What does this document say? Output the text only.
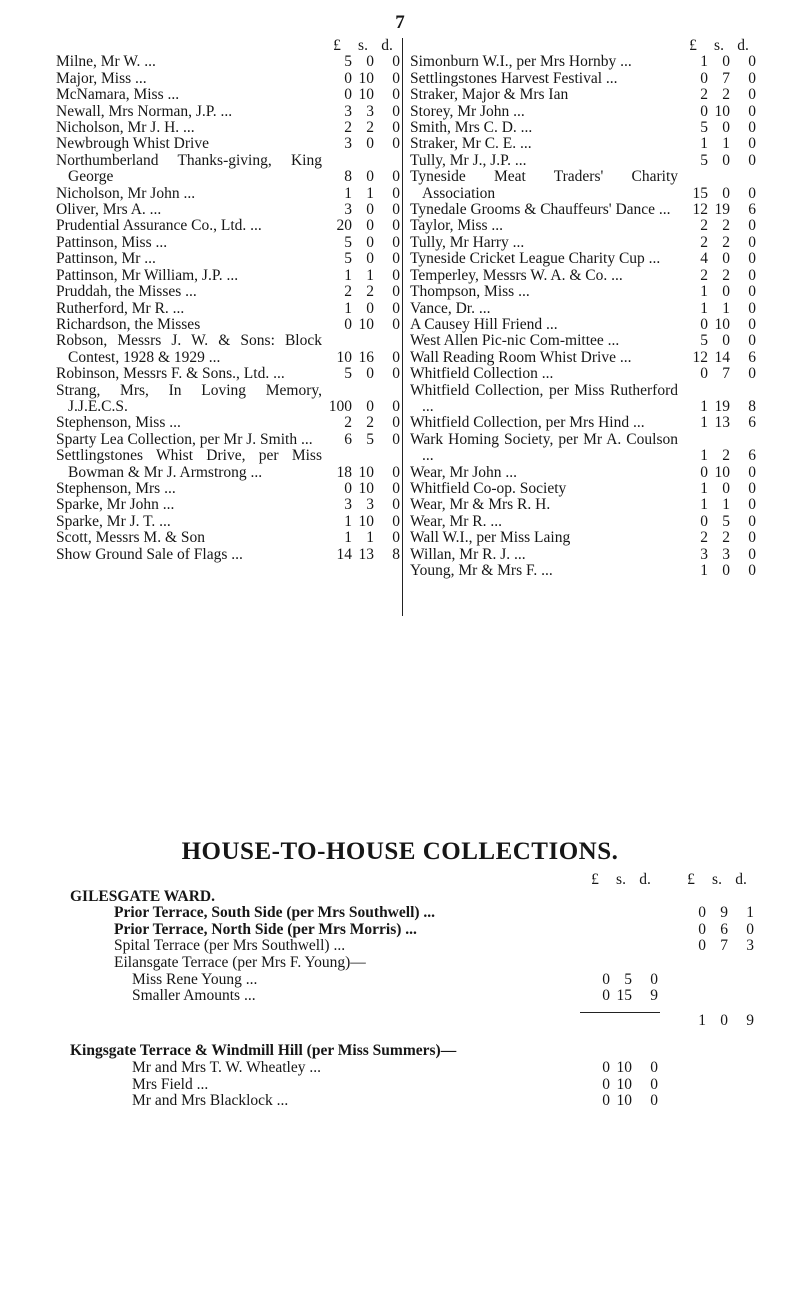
7
£	s. d.
Milne, Mr W. ...	5 0	0
Major, Miss ...	0 10	0
McNamara, Miss ...	0 10	0
Newall, Mrs Norman, J.P. ...	3 3	0
Nicholson, Mr J. H. ...	2 2	0
Newbrough Whist Drive	3 0	0
Northumberland Thanks-giving, King George	8 0	0
Nicholson, Mr John ...	1 1	0
Oliver, Mrs A. ...	3 0	0
Prudential Assurance Co., Ltd. ...	20 0	0
Pattinson, Miss ...	5 0	0
Pattinson, Mr ...	5 0	0
Pattinson, Mr William, J.P. ...	1 1	0
Pruddah, the Misses ...	2 2	0
Rutherford, Mr R. ...	1 0	0
Richardson, the Misses	0 10	0
Robson, Messrs J. W. & Sons: Block Contest, 1928 & 1929 ...	10 16	0
Robinson, Messrs F. & Sons., Ltd. ...	5 0	0
Strang, Mrs, In Loving Memory, J.J.E.C.S.	100 0	0
Stephenson, Miss ...	2 2	0
Sparty Lea Collection, per Mr J. Smith ...	6 5	0
Settlingstones Whist Drive, per Miss Bowman & Mr J. Armstrong ...	18 10	0
Stephenson, Mrs ...	0 10	0
Sparke, Mr John ...	3 3	0
Sparke, Mr J. T. ...	1 10	0
Scott, Messrs M. & Son	1 1	0
Show Ground Sale of Flags ...	14 13	8
£	s. d.
Simonburn W.I., per Mrs Hornby ...	1 0	0
Settlingstones Harvest Festival ...	0 7	0
Straker, Major & Mrs Ian	2 2	0
Storey, Mr John ...	0 10	0
Smith, Mrs C. D. ...	5 0	0
Straker, Mr C. E. ...	1 1	0
Tully, Mr J., J.P. ...	5 0	0
Tyneside Meat Traders' Charity Association	15 0	0
Tynedale Grooms & Chauffeurs' Dance ...	12 19	6
Taylor, Miss ...	2 2	0
Tully, Mr Harry ...	2 2	0
Tyneside Cricket League Charity Cup ...	4 0	0
Temperley, Messrs W. A. & Co. ...	2 2	0
Thompson, Miss ...	1 0	0
Vance, Dr. ...	1 1	0
A Causey Hill Friend ...	0 10	0
West Allen Pic-nic Com-mittee ...	5 0	0
Wall Reading Room Whist Drive ...	12 14	6
Whitfield Collection ...	0 7	0
Whitfield Collection, per Miss Rutherford ...	1 19	8
Whitfield Collection, per Mrs Hind ...	1 13	6
Wark Homing Society, per Mr A. Coulson ...	1 2	6
Wear, Mr John ...	0 10	0
Whitfield Co-op. Society	1 0	0
Wear, Mr & Mrs R. H.	1 1	0
Wear, Mr R. ...	0 5	0
Wall W.I., per Miss Laing	2 2	0
Willan, Mr R. J. ...	3 3	0
Young, Mr & Mrs F. ...	1 0	0
HOUSE-TO-HOUSE COLLECTIONS.
£	s. d.	£	s. d.
GILESGATE WARD.
Prior Terrace, South Side (per Mrs Southwell) ...	0 9	1
Prior Terrace, North Side (per Mrs Morris) ...	0 6	0
Spital Terrace (per Mrs Southwell) ...	0 7	3
Eilansgate Terrace (per Mrs F. Young)—
Miss Rene Young ...	0 5	0
Smaller Amounts ...	0 15	9
1 0	9
Kingsgate Terrace & Windmill Hill (per Miss Summers)—
Mr and Mrs T. W. Wheatley ...	0 10	0
Mrs Field ...	0 10	0
Mr and Mrs Blacklock ...	0 10	0
